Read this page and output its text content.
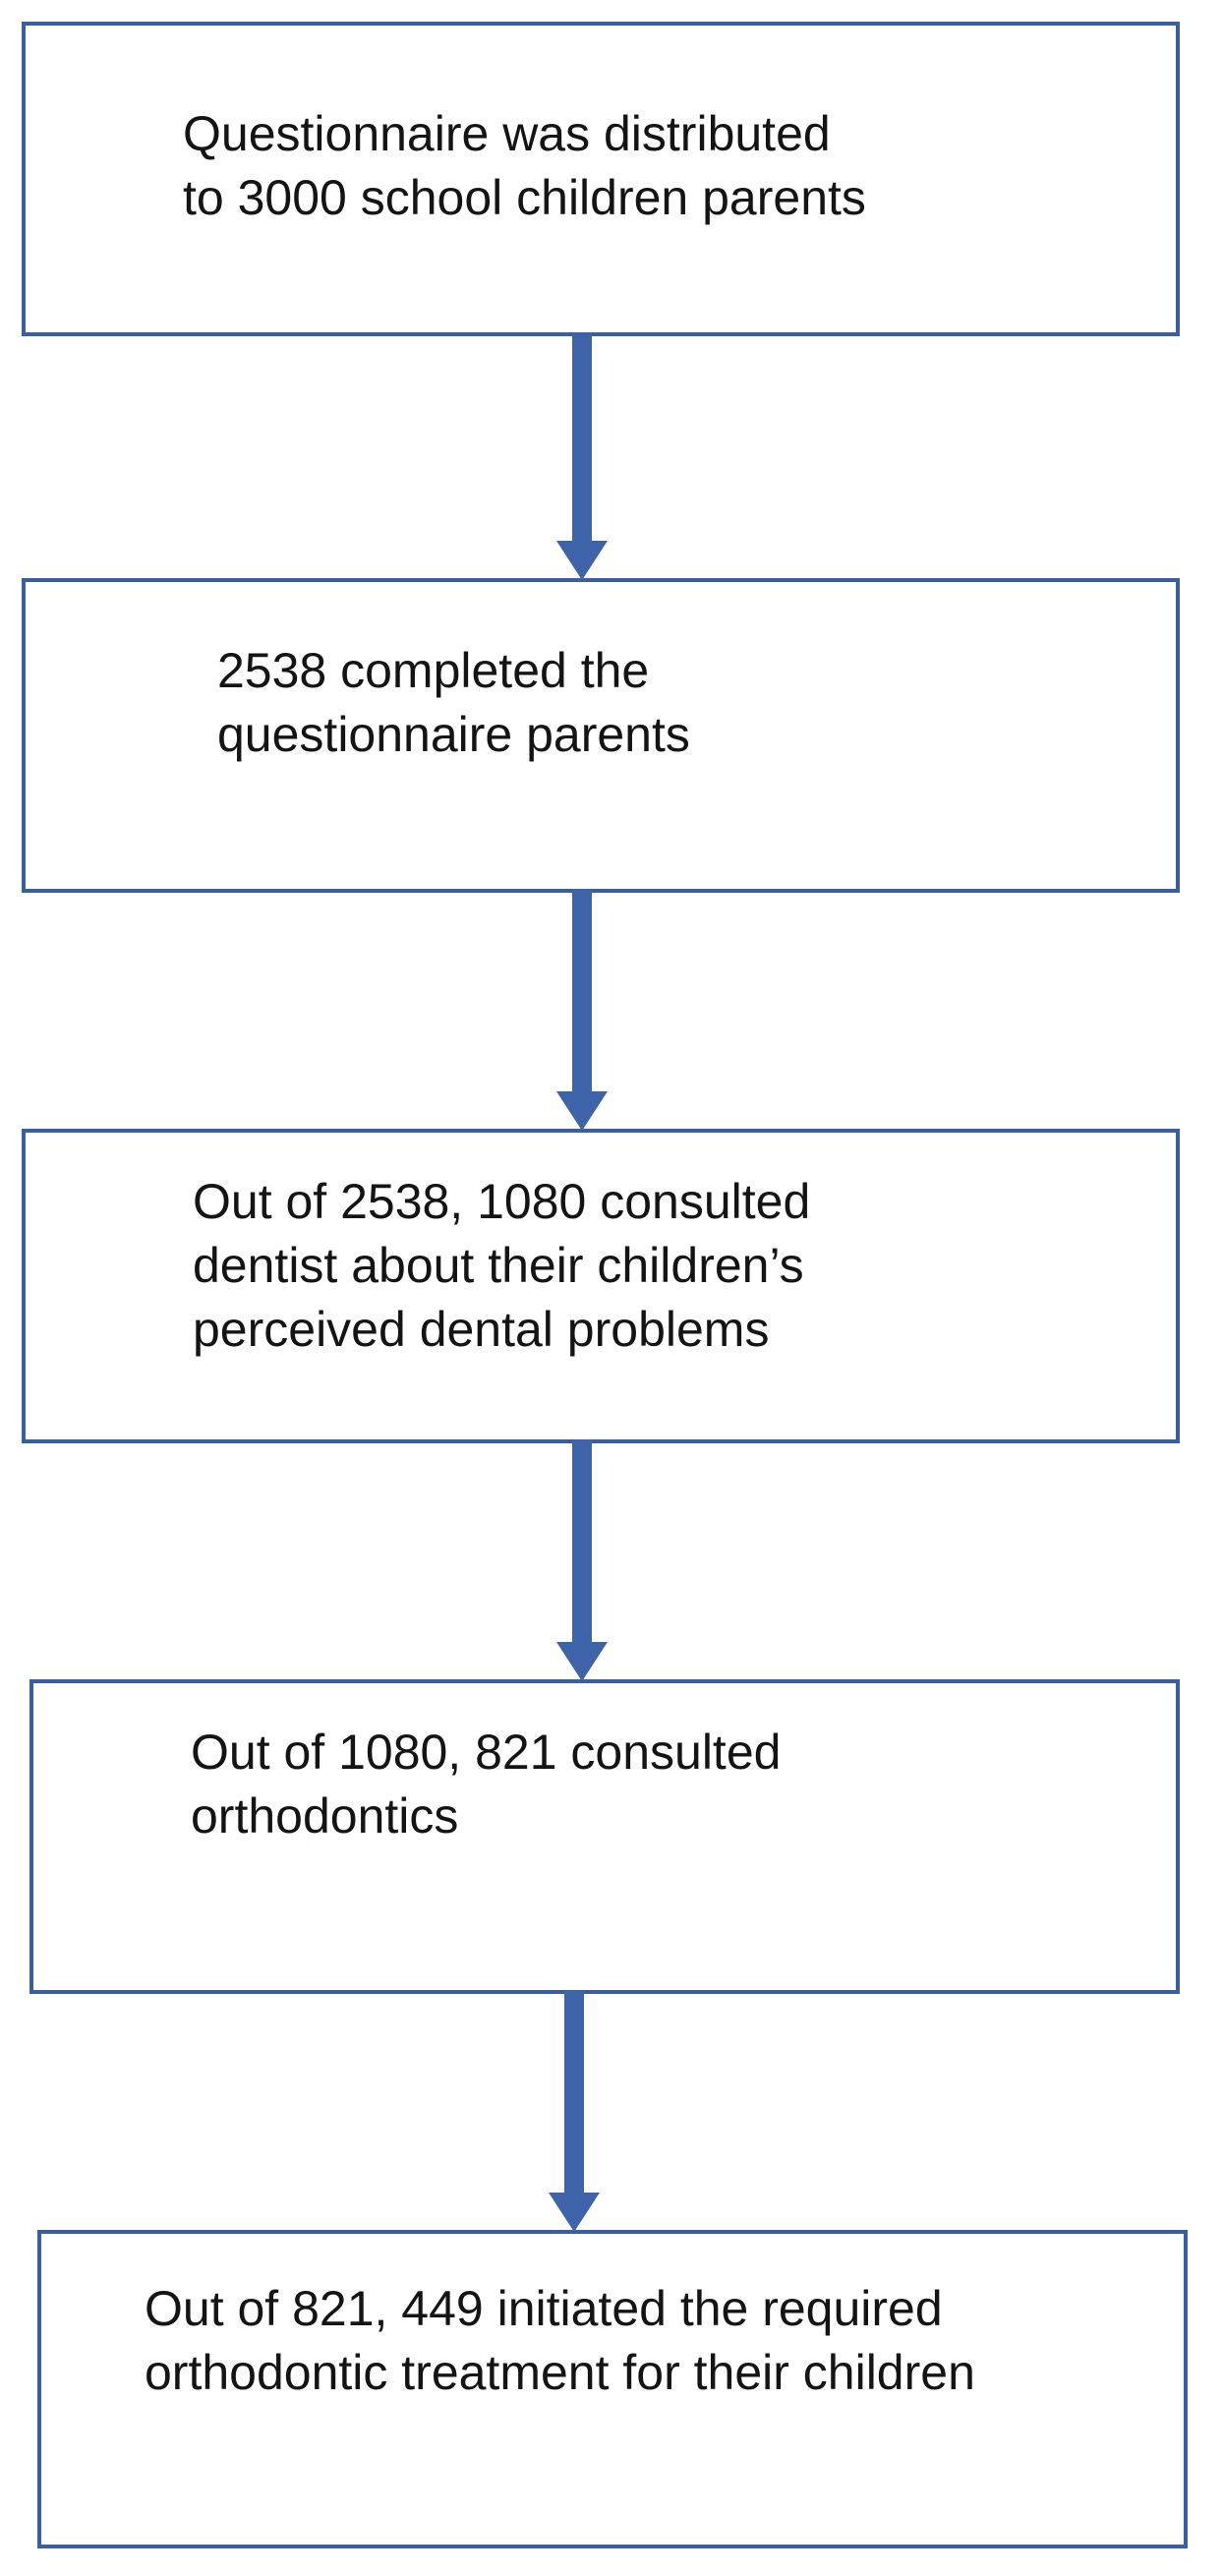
Questionnaire was distributed
to 3000 school children parents
2538 completed the
questionnaire parents
Out of 2538, 1080 consulted
dentist about their children’s
perceived dental problems
Out of 1080, 821 consulted
orthodontics
Out of 821, 449 initiated the required
orthodontic treatment for their children
